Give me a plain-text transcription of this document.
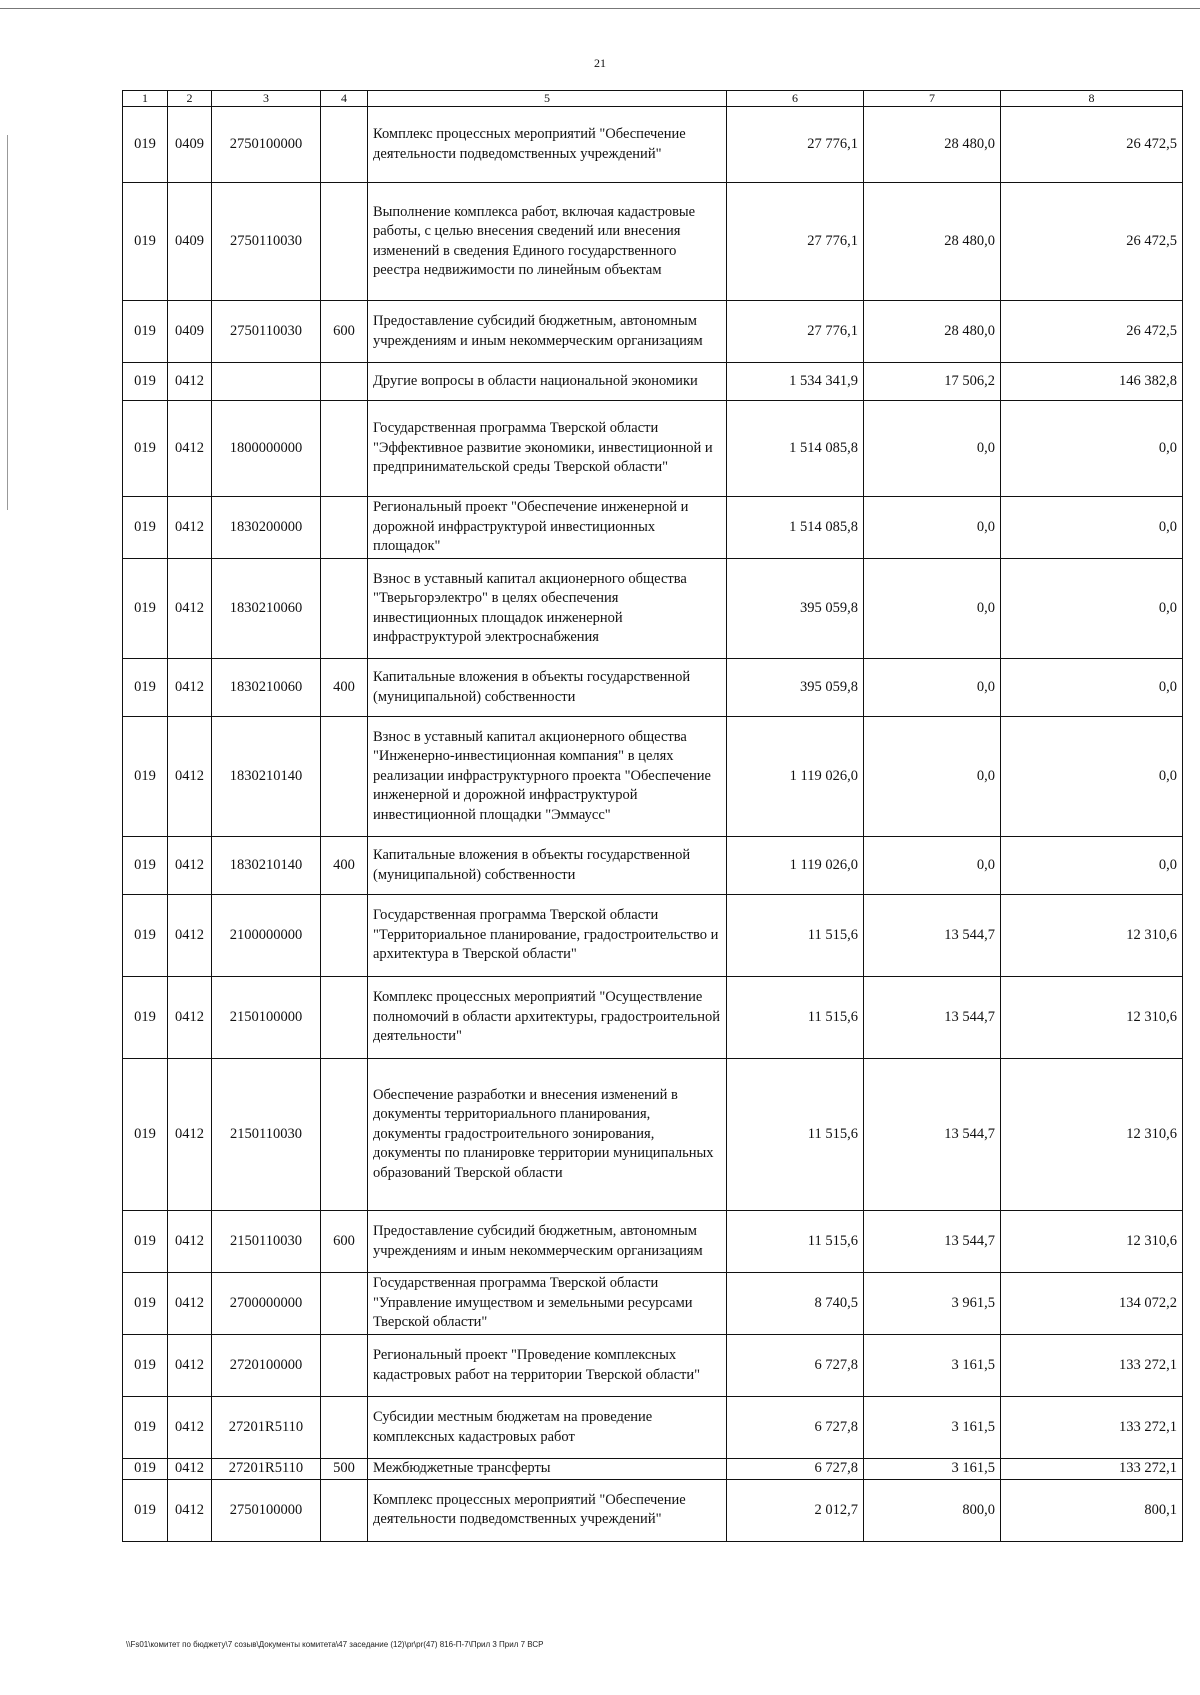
21
1	2	3	4	5	6	7	8
019	0409	2750100000		Комплекс процессных мероприятий "Обеспечение деятельности подведомственных учреждений"	27 776,1	28 480,0	26 472,5
019	0409	2750110030		Выполнение комплекса работ, включая кадастровые работы, с целью внесения сведений или внесения изменений в сведения Единого государственного реестра недвижимости по линейным объектам	27 776,1	28 480,0	26 472,5
019	0409	2750110030	600	Предоставление субсидий бюджетным, автономным учреждениям и иным некоммерческим организациям	27 776,1	28 480,0	26 472,5
019	0412			Другие вопросы в области национальной экономики	1 534 341,9	17 506,2	146 382,8
019	0412	1800000000		Государственная программа Тверской области "Эффективное развитие экономики, инвестиционной и предпринимательской среды Тверской области"	1 514 085,8	0,0	0,0
019	0412	1830200000		Региональный проект "Обеспечение инженерной и дорожной инфраструктурой инвестиционных площадок"	1 514 085,8	0,0	0,0
019	0412	1830210060		Взнос в уставный капитал акционерного общества "Тверьгорэлектро" в целях обеспечения инвестиционных площадок инженерной инфраструктурой электроснабжения	395 059,8	0,0	0,0
019	0412	1830210060	400	Капитальные вложения в объекты государственной (муниципальной) собственности	395 059,8	0,0	0,0
019	0412	1830210140		Взнос в уставный капитал акционерного общества "Инженерно-инвестиционная компания" в целях реализации инфраструктурного проекта "Обеспечение инженерной и дорожной инфраструктурой инвестиционной площадки "Эммаусс"	1 119 026,0	0,0	0,0
019	0412	1830210140	400	Капитальные вложения в объекты государственной (муниципальной) собственности	1 119 026,0	0,0	0,0
019	0412	2100000000		Государственная программа Тверской области "Территориальное планирование, градостроительство и архитектура в Тверской области"	11 515,6	13 544,7	12 310,6
019	0412	2150100000		Комплекс процессных мероприятий "Осуществление полномочий в области архитектуры, градостроительной деятельности"	11 515,6	13 544,7	12 310,6
019	0412	2150110030		Обеспечение разработки и внесения изменений в документы территориального планирования, документы градостроительного зонирования, документы по планировке территории муниципальных образований Тверской области	11 515,6	13 544,7	12 310,6
019	0412	2150110030	600	Предоставление субсидий бюджетным, автономным учреждениям и иным некоммерческим организациям	11 515,6	13 544,7	12 310,6
019	0412	2700000000		Государственная программа Тверской области "Управление имуществом и земельными ресурсами Тверской области"	8 740,5	3 961,5	134 072,2
019	0412	2720100000		Региональный проект "Проведение комплексных кадастровых работ на территории Тверской области"	6 727,8	3 161,5	133 272,1
019	0412	27201R5110		Субсидии местным бюджетам на проведение комплексных кадастровых работ	6 727,8	3 161,5	133 272,1
019	0412	27201R5110	500	Межбюджетные трансферты	6 727,8	3 161,5	133 272,1
019	0412	2750100000		Комплекс процессных мероприятий "Обеспечение деятельности подведомственных учреждений"	2 012,7	800,0	800,1
\\Fs01\комитет по бюджету\7 созыв\Документы комитета\47 заседание (12)\pr\pr(47) 816-П-7\Прил 3 Прил 7 ВСР
